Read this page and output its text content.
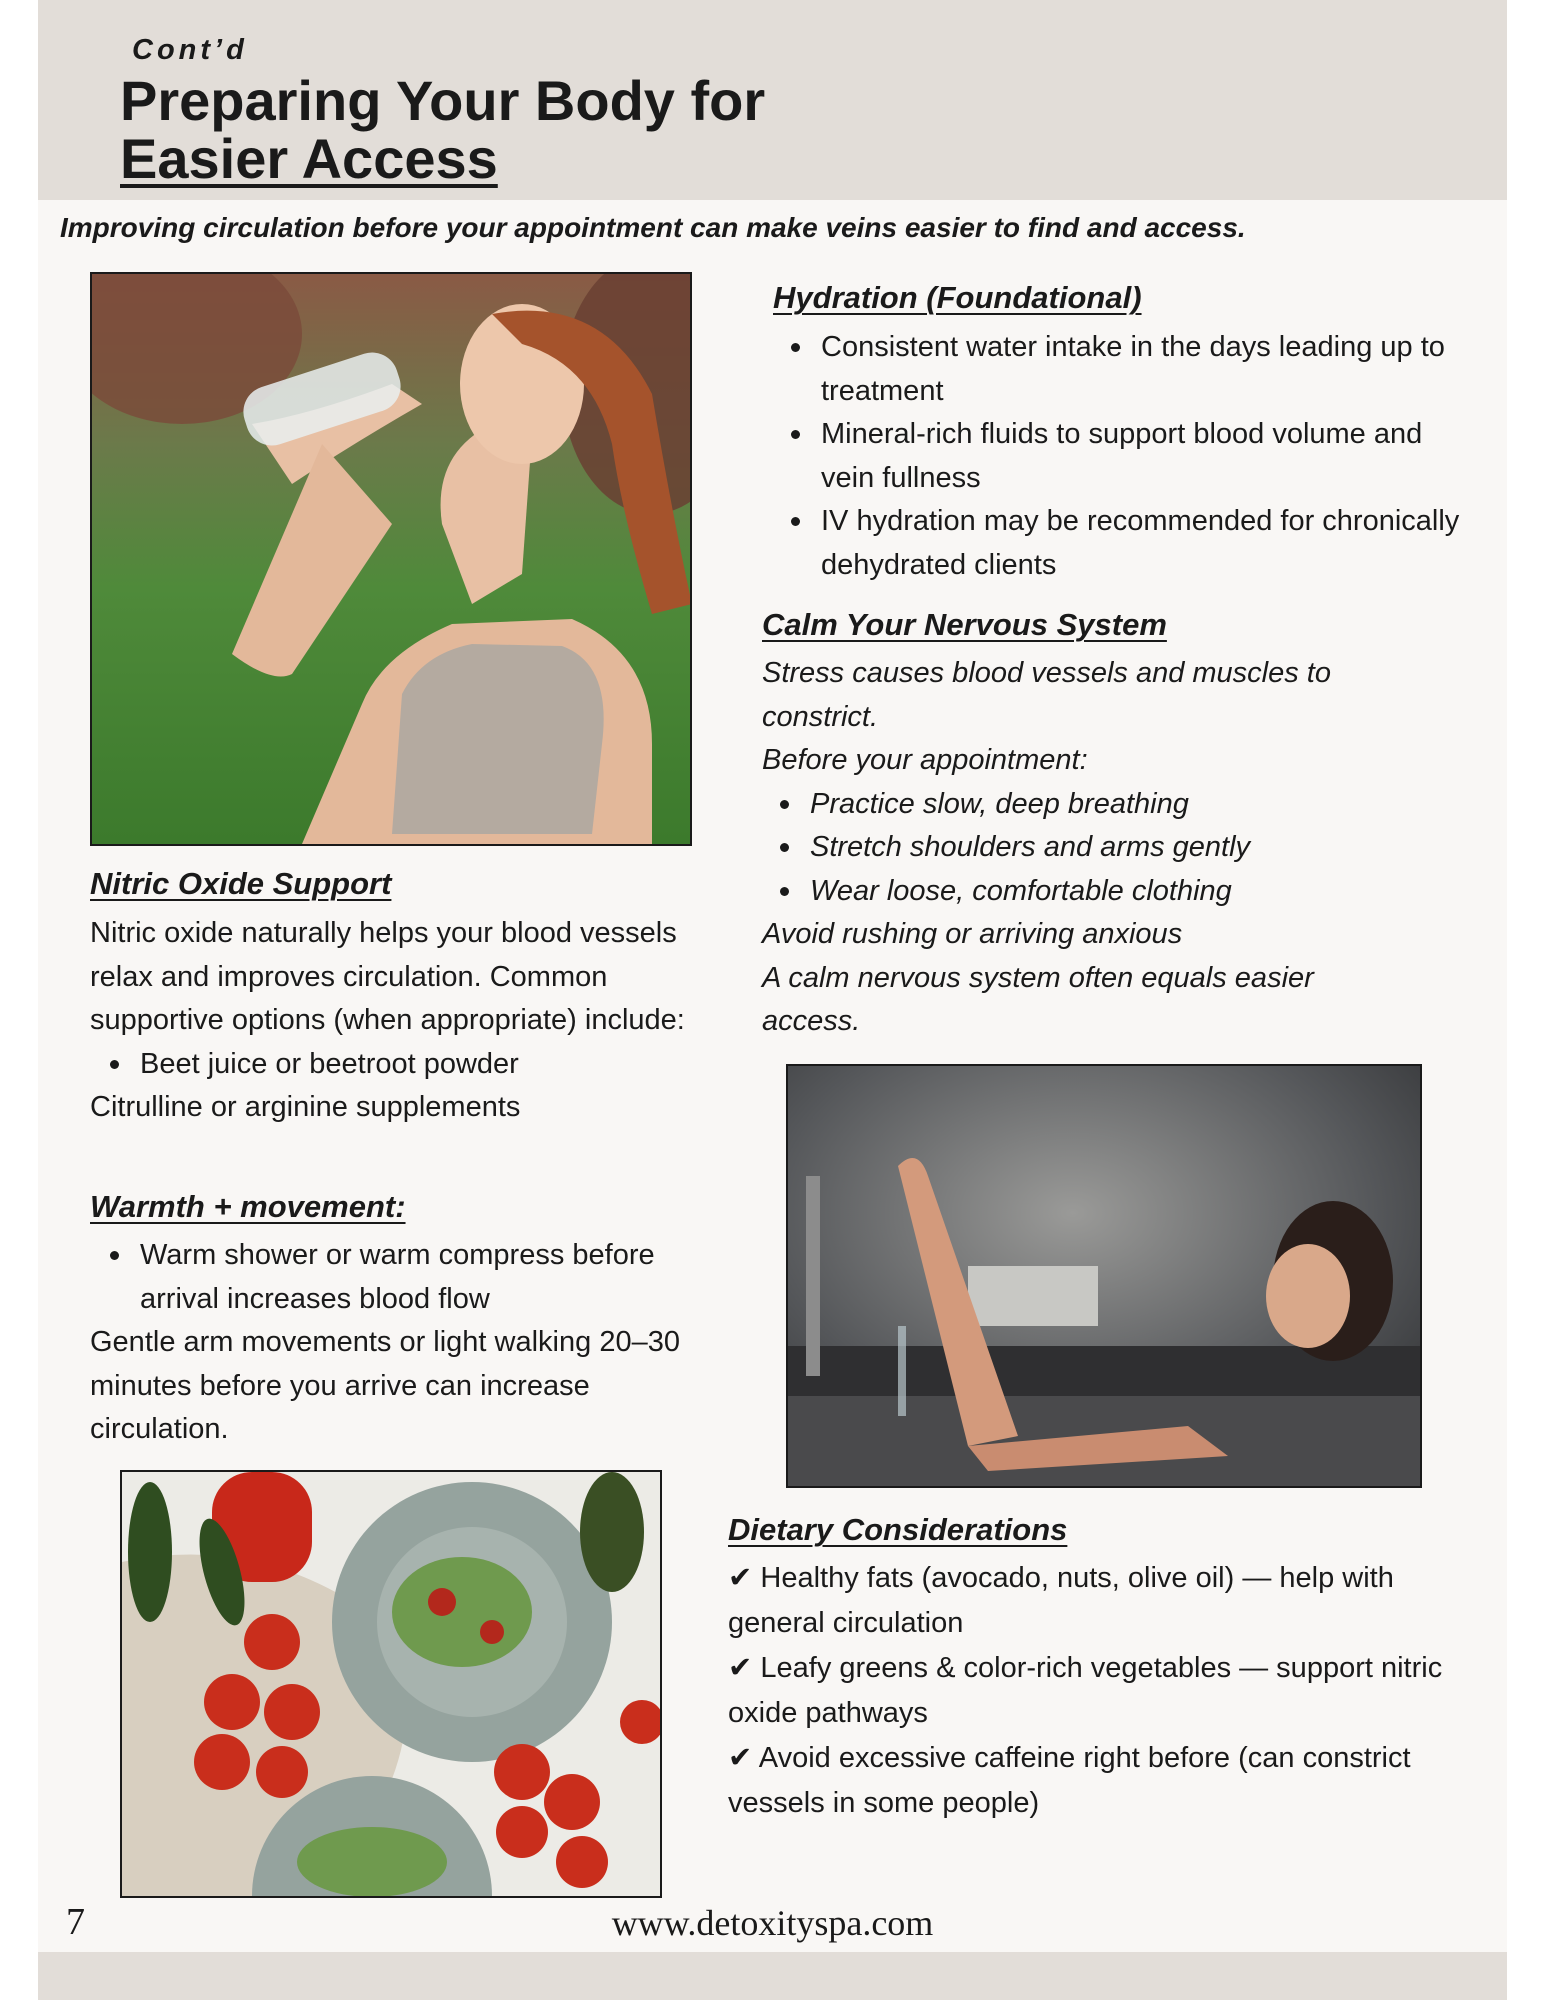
Cont’d
Preparing Your Body for
Easier Access
Improving circulation before your appointment can make veins easier to find and access.
Hydration (Foundational)
Consistent water intake in the days leading up to treatment
Mineral-rich fluids to support blood volume and vein fullness
IV hydration may be recommended for chronically dehydrated clients
Calm Your Nervous System

Stress causes blood vessels and muscles to constrict.

Before your appointment:

Practice slow, deep breathing
Stretch shoulders and arms gently
Wear loose, comfortable clothing

Avoid rushing or arriving anxious

A calm nervous system often equals easier access.

Nitric Oxide Support

Nitric oxide naturally helps your blood vessels relax and improves circulation. Common supportive options (when appropriate) include:

Beet juice or beetroot powder

Citrulline or arginine supplements

Warmth + movement:
Warm shower or warm compress before arrival increases blood flow

Gentle arm movements or light walking 20–30 minutes before you arrive can increase circulation.

Dietary Considerations

✔ Healthy fats (avocado, nuts, olive oil) — help with general circulation

✔ Leafy greens & color-rich vegetables — support nitric oxide pathways

✔ Avoid excessive caffeine right before (can constrict vessels in some people)

7	www.detoxityspa.com
